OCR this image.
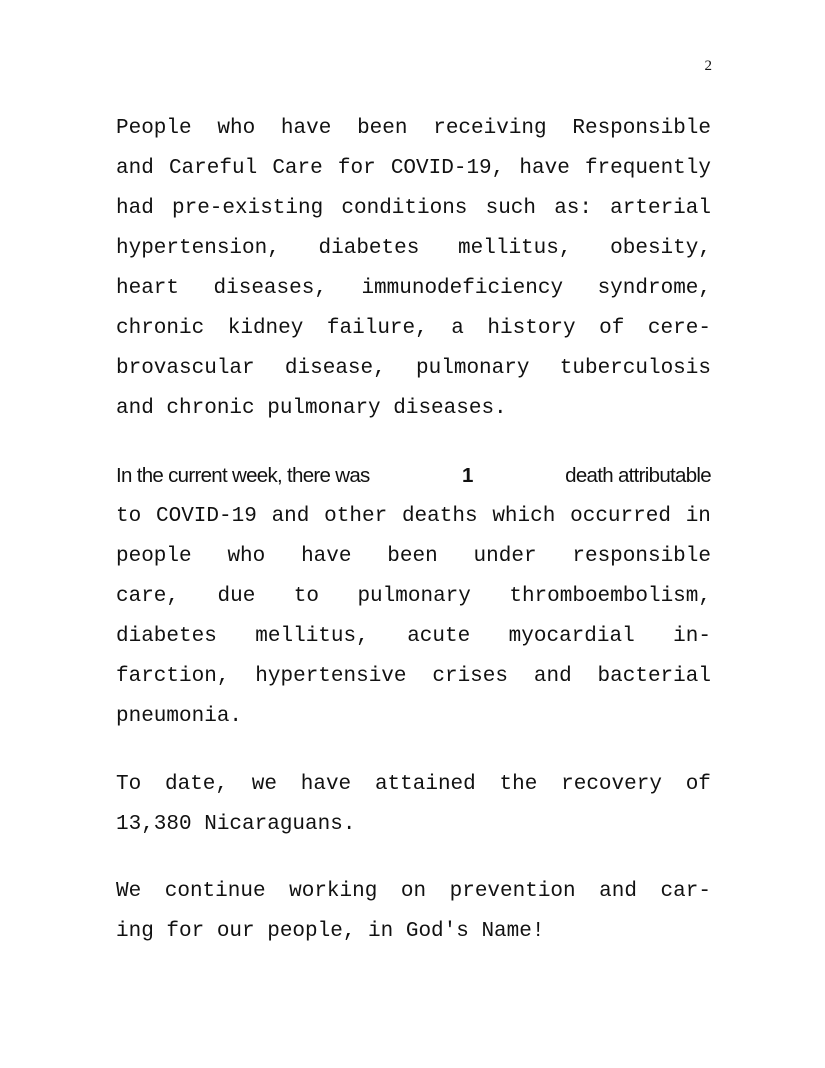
2
People who have been receiving Responsible
and Careful Care for COVID-19, have frequently
had pre-existing conditions such as: arterial
hypertension, diabetes mellitus, obesity,
heart diseases, immunodeficiency syndrome,
chronic kidney failure, a history of cere-
brovascular disease, pulmonary tuberculosis
and chronic pulmonary diseases.
In the current week, there was	1	death attributable
to COVID-19 and other deaths which occurred in
people who have been under responsible
care, due to pulmonary thromboembolism,
diabetes mellitus, acute myocardial in-
farction, hypertensive crises and bacterial
pneumonia.
To date, we have attained the recovery of
13,380 Nicaraguans.
We continue working on prevention and car-
ing for our people, in God's Name!
